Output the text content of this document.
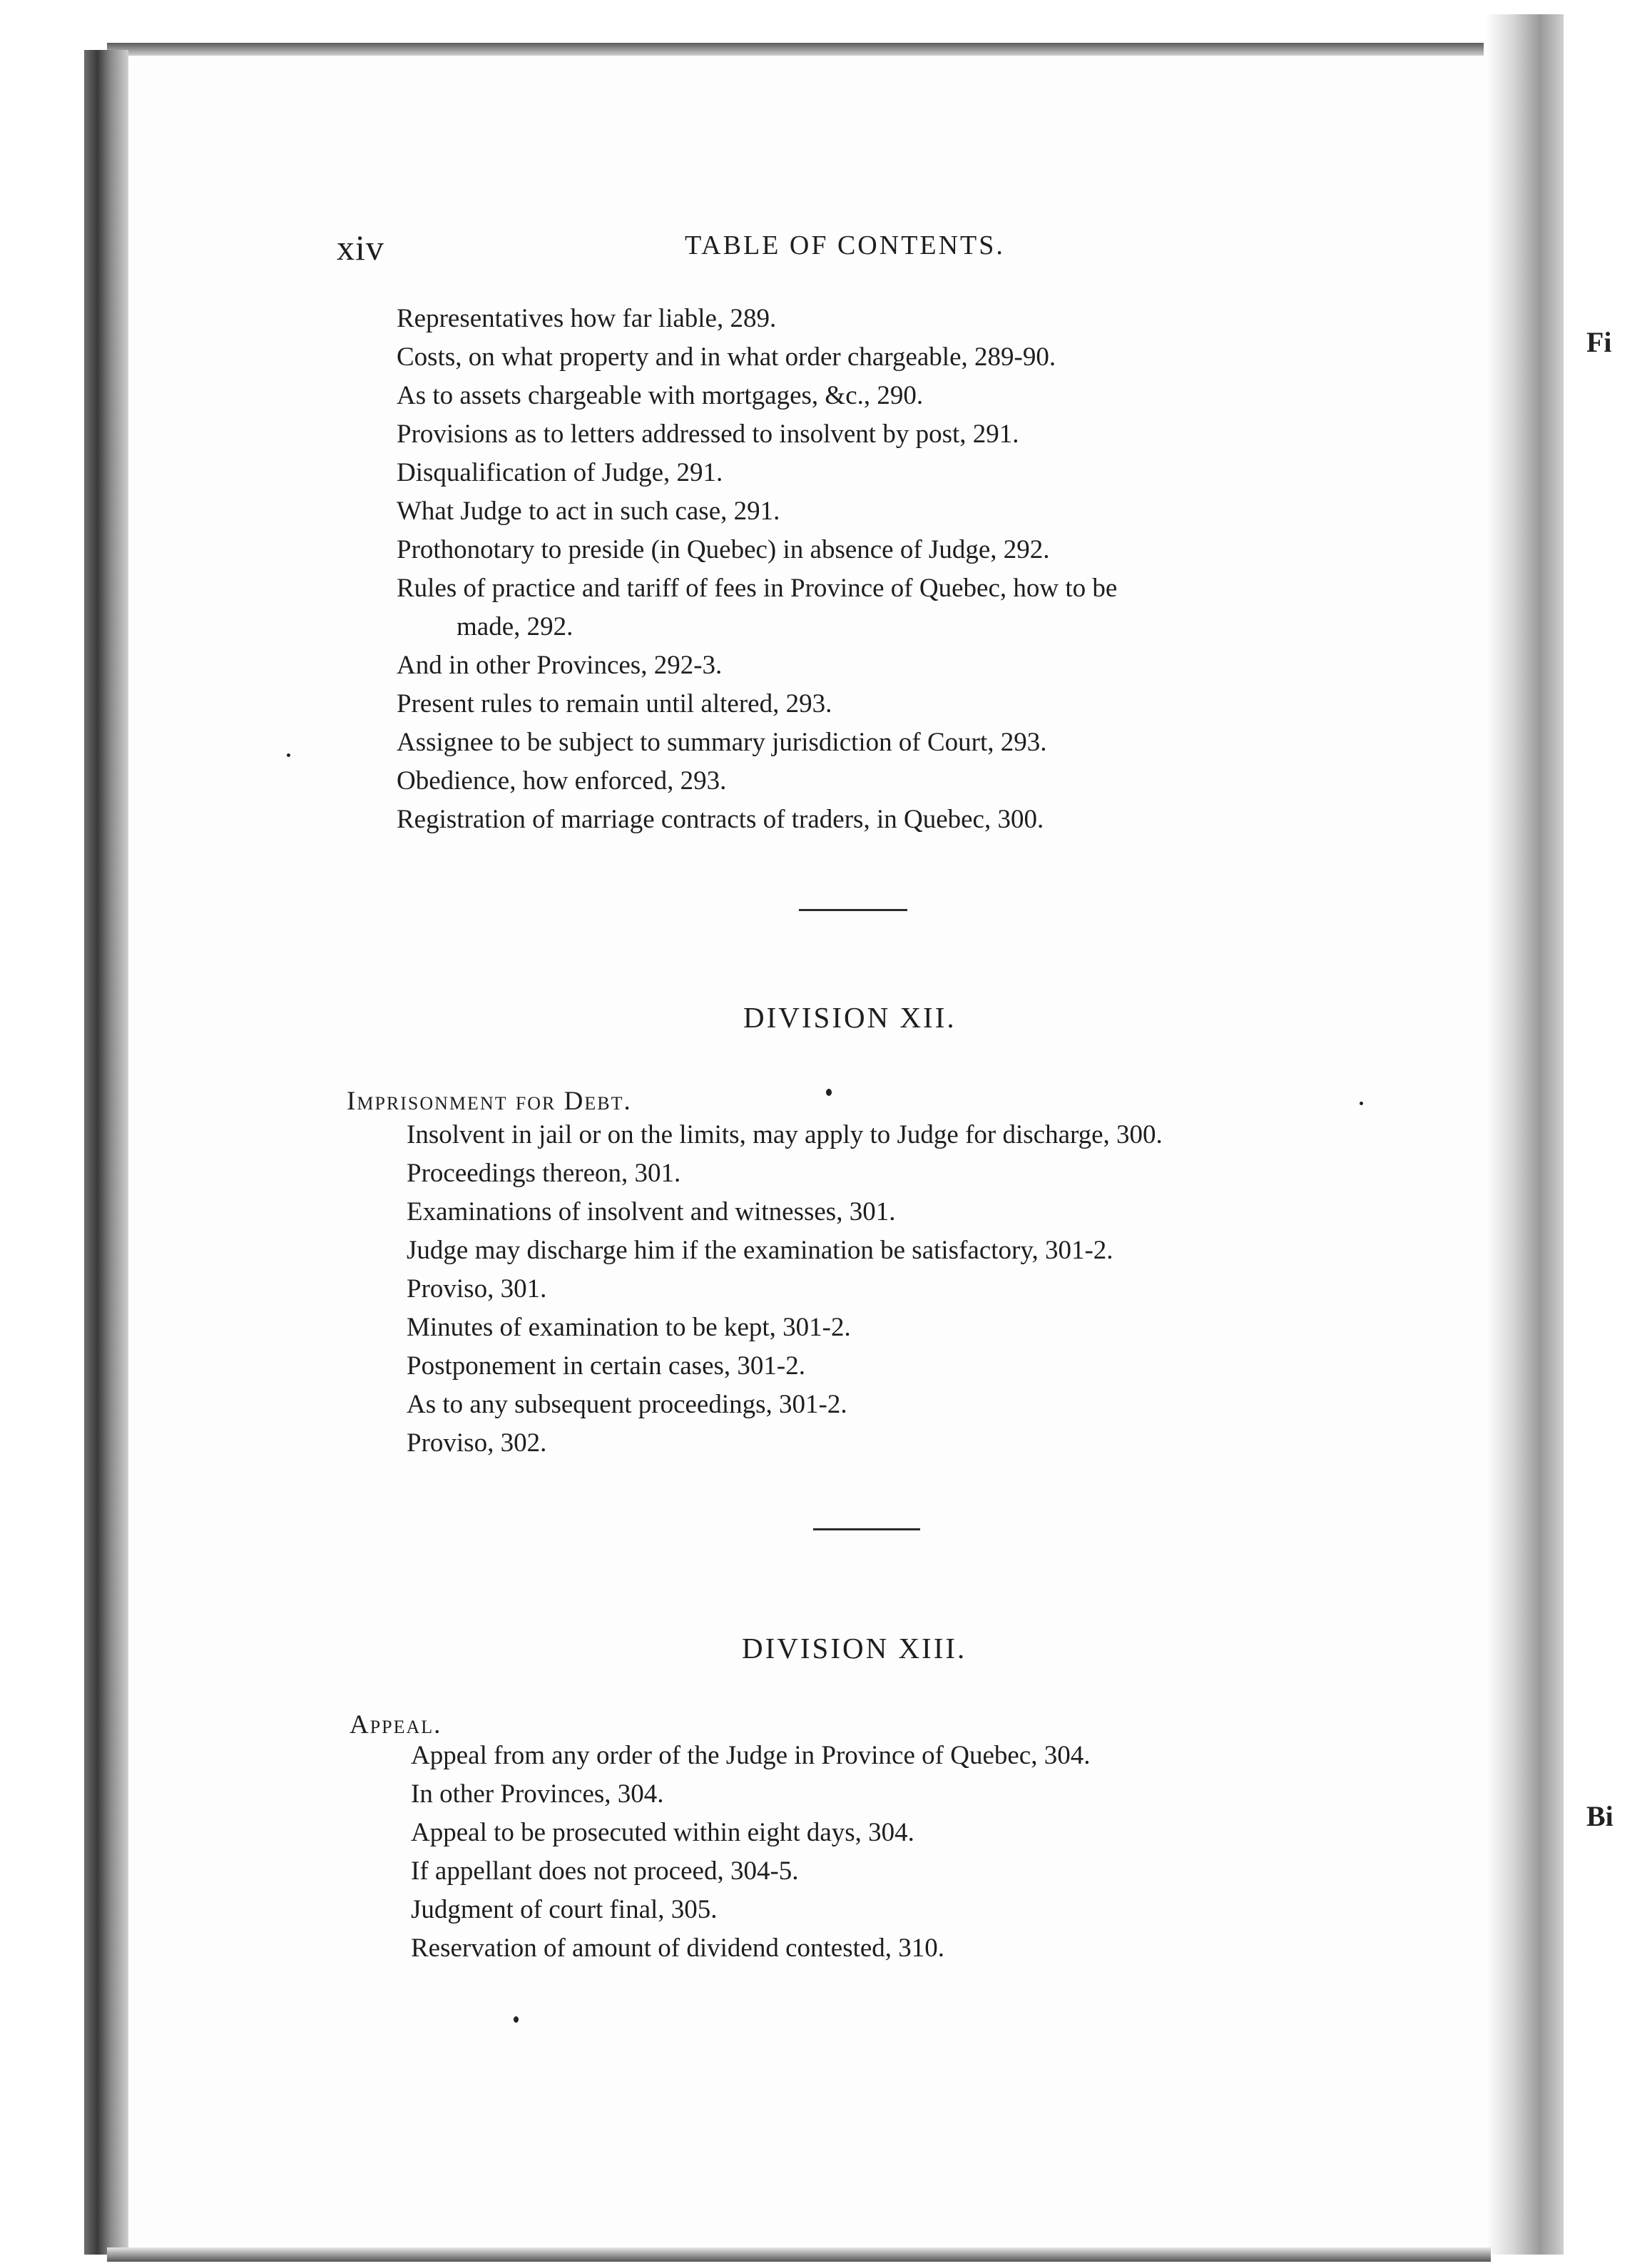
xiv	TABLE OF CONTENTS.
Representatives how far liable, 289.
Costs, on what property and in what order chargeable, 289-90.
As to assets chargeable with mortgages, &c., 290.
Provisions as to letters addressed to insolvent by post, 291.
Disqualification of Judge, 291.
What Judge to act in such case, 291.
Prothonotary to preside (in Quebec) in absence of Judge, 292.
Rules of practice and tariff of fees in Province of Quebec, how to be
made, 292.
And in other Provinces, 292-3.
Present rules to remain until altered, 293.
Assignee to be subject to summary jurisdiction of Court, 293.
Obedience, how enforced, 293.
Registration of marriage contracts of traders, in Quebec, 300.
DIVISION XII.
Imprisonment for Debt.
Insolvent in jail or on the limits, may apply to Judge for discharge, 300.
Proceedings thereon, 301.
Examinations of insolvent and witnesses, 301.
Judge may discharge him if the examination be satisfactory, 301-2.
Proviso, 301.
Minutes of examination to be kept, 301-2.
Postponement in certain cases, 301-2.
As to any subsequent proceedings, 301-2.
Proviso, 302.
DIVISION XIII.
Appeal.
Appeal from any order of the Judge in Province of Quebec, 304.
In other Provinces, 304.
Appeal to be prosecuted within eight days, 304.
If appellant does not proceed, 304-5.
Judgment of court final, 305.
Reservation of amount of dividend contested, 310.
Fi
Bi
